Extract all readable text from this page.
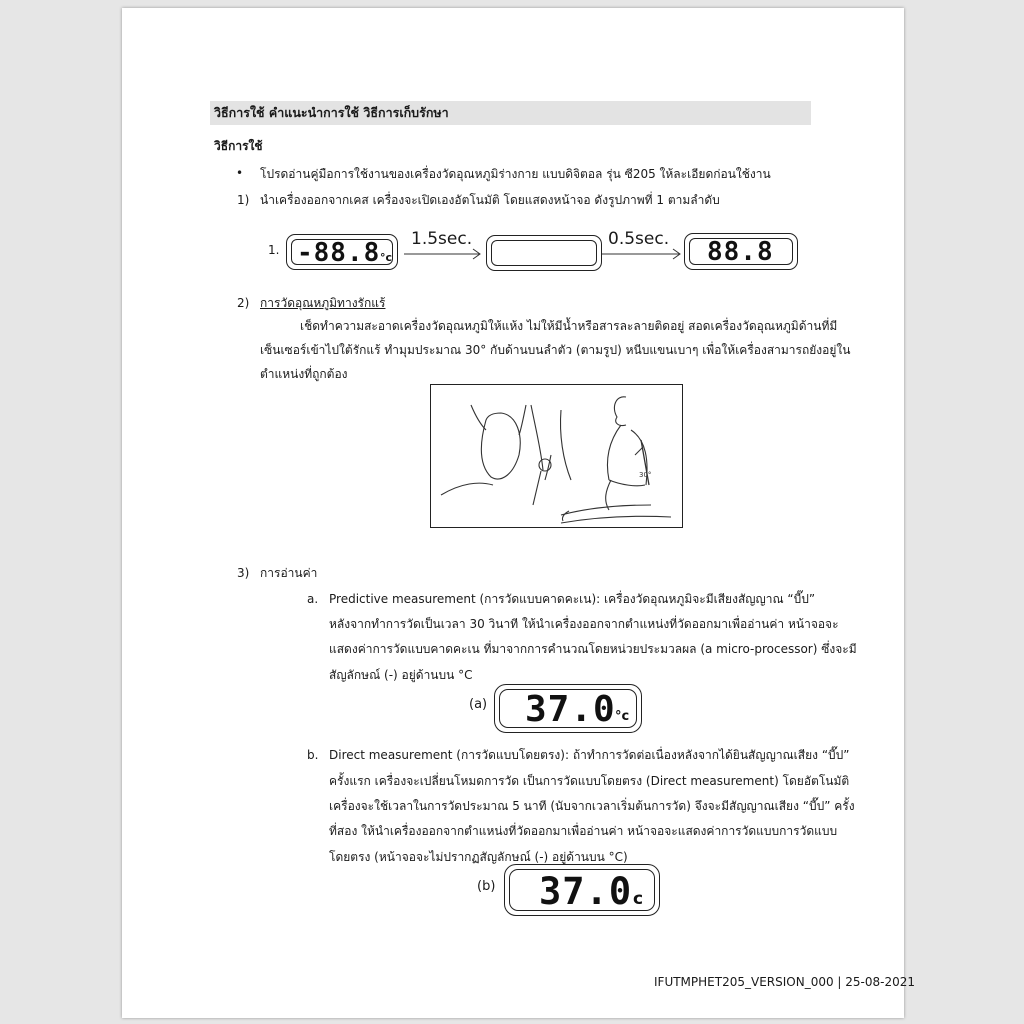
วิธีการใช้ คำแนะนำการใช้ วิธีการเก็บรักษา
วิธีการใช้
• โปรดอ่านคู่มือการใช้งานของเครื่องวัดอุณหภูมิร่างกาย แบบดิจิตอล รุ่น ซี205 ให้ละเอียดก่อนใช้งาน
1) นำเครื่องออกจากเคส เครื่องจะเปิดเองอัตโนมัติ โดยแสดงหน้าจอ ดังรูปภาพที่ 1 ตามลำดับ
1. -88.8 °c
1.5sec.	0.5sec. 88.8
2) การวัดอุณหภูมิทางรักแร้
เช็ดทำความสะอาดเครื่องวัดอุณหภูมิให้แห้ง ไม่ให้มีน้ำหรือสารละลายติดอยู่ สอดเครื่องวัดอุณหภูมิด้านที่มี
เซ็นเซอร์เข้าไปใต้รักแร้ ทำมุมประมาณ 30° กับด้านบนลำตัว (ตามรูป) หนีบแขนเบาๆ เพื่อให้เครื่องสามารถยังอยู่ใน
ตำแหน่งที่ถูกต้อง
30°
3) การอ่านค่า
a. Predictive measurement (การวัดแบบคาดคะเน): เครื่องวัดอุณหภูมิจะมีเสียงสัญญาณ “บี๊ป”
หลังจากทำการวัดเป็นเวลา 30 วินาที ให้นำเครื่องออกจากตำแหน่งที่วัดออกมาเพื่ออ่านค่า หน้าจอจะ
แสดงค่าการวัดแบบคาดคะเน ที่มาจากการคำนวณโดยหน่วยประมวลผล (a micro-processor) ซึ่งจะมี
สัญลักษณ์ (-) อยู่ด้านบน °C
(a) 37.0 °c
b. Direct measurement (การวัดแบบโดยตรง): ถ้าทำการวัดต่อเนื่องหลังจากได้ยินสัญญาณเสียง “บี๊ป”
ครั้งแรก เครื่องจะเปลี่ยนโหมดการวัด เป็นการวัดแบบโดยตรง (Direct measurement) โดยอัตโนมัติ
เครื่องจะใช้เวลาในการวัดประมาณ 5 นาที (นับจากเวลาเริ่มต้นการวัด) จึงจะมีสัญญาณเสียง “บี๊ป” ครั้ง
ที่สอง ให้นำเครื่องออกจากตำแหน่งที่วัดออกมาเพื่ออ่านค่า หน้าจอจะแสดงค่าการวัดแบบการวัดแบบ
โดยตรง (หน้าจอจะไม่ปรากฏสัญลักษณ์ (-) อยู่ด้านบน °C)
(b) 37.0 c
IFUTMPHET205_VERSION_000 | 25-08-2021
